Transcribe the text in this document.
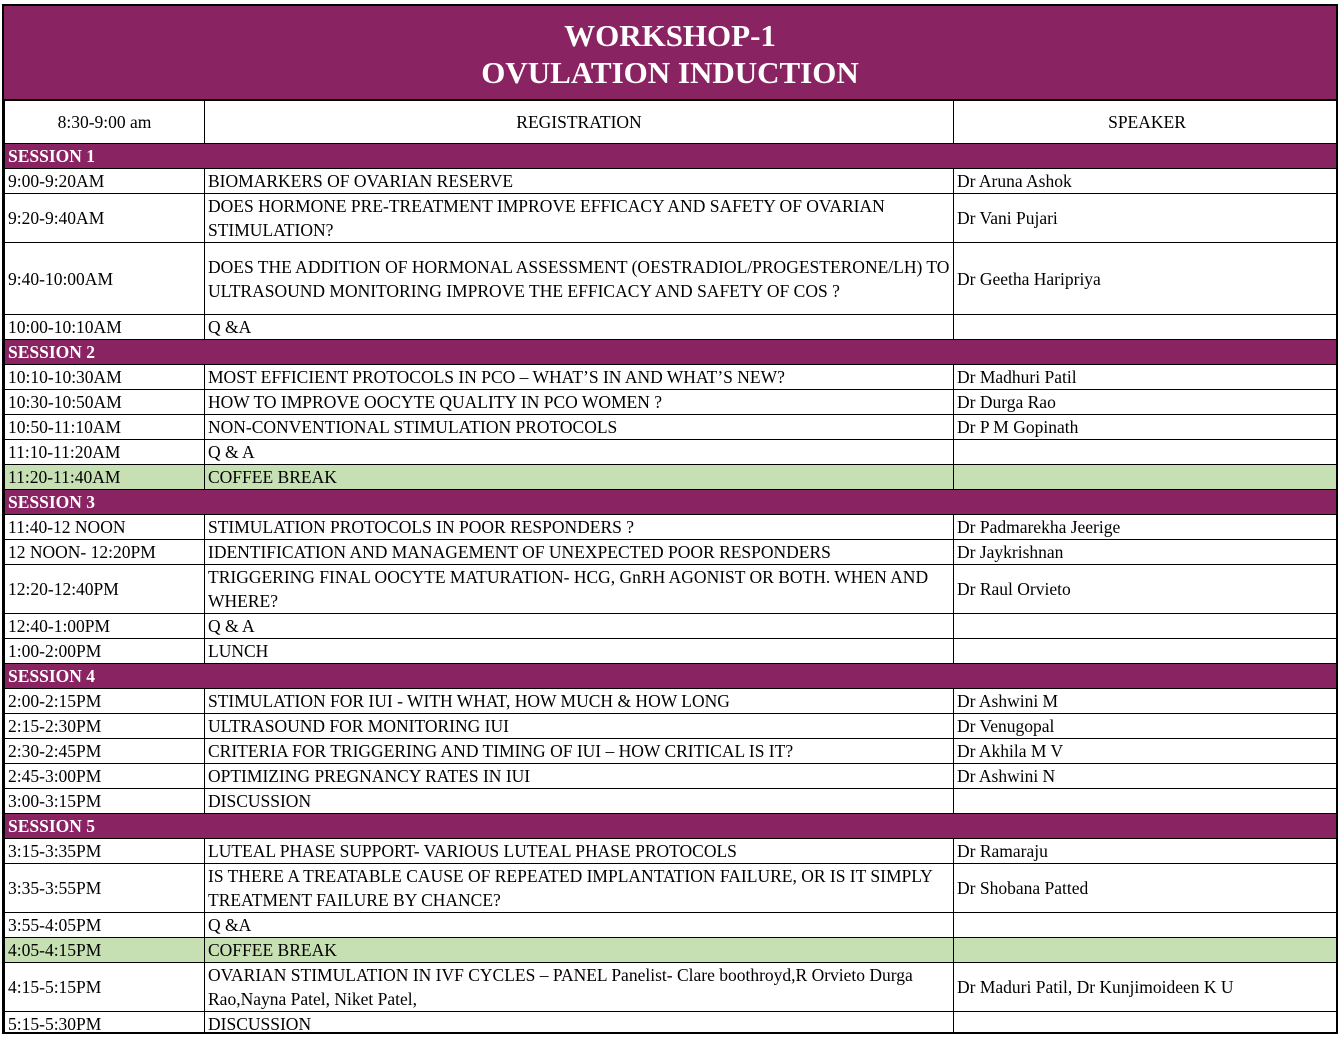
WORKSHOP-1
OVULATION INDUCTION
8:30-9:00 am	REGISTRATION	SPEAKER
SESSION 1		
9:00-9:20AM	BIOMARKERS OF OVARIAN RESERVE	Dr Aruna Ashok
9:20-9:40AM	DOES HORMONE PRE-TREATMENT IMPROVE EFFICACY AND SAFETY OF OVARIAN STIMULATION?	Dr Vani Pujari
9:40-10:00AM	DOES THE ADDITION OF HORMONAL ASSESSMENT (OESTRADIOL/PROGESTERONE/LH) TO ULTRASOUND MONITORING IMPROVE THE EFFICACY AND SAFETY OF COS ?	Dr Geetha Haripriya
10:00-10:10AM	Q &A	
SESSION 2		
10:10-10:30AM	MOST EFFICIENT PROTOCOLS IN PCO – WHAT’S IN AND WHAT’S NEW?	Dr Madhuri Patil
10:30-10:50AM	HOW TO IMPROVE OOCYTE QUALITY IN PCO WOMEN ?	Dr Durga Rao
10:50-11:10AM	NON-CONVENTIONAL STIMULATION PROTOCOLS	Dr P M Gopinath
11:10-11:20AM	Q & A	
11:20-11:40AM	COFFEE BREAK	
SESSION 3		
11:40-12 NOON	STIMULATION PROTOCOLS IN POOR RESPONDERS ?	Dr Padmarekha Jeerige
12 NOON- 12:20PM	IDENTIFICATION AND MANAGEMENT OF UNEXPECTED POOR RESPONDERS	Dr Jaykrishnan
12:20-12:40PM	TRIGGERING FINAL OOCYTE MATURATION- HCG, GnRH AGONIST OR BOTH. WHEN AND WHERE?	Dr Raul Orvieto
12:40-1:00PM	Q & A	
1:00-2:00PM	LUNCH	
SESSION 4		
2:00-2:15PM	STIMULATION FOR IUI - WITH WHAT, HOW MUCH & HOW LONG	Dr Ashwini M
2:15-2:30PM	ULTRASOUND FOR MONITORING IUI	Dr Venugopal
2:30-2:45PM	CRITERIA FOR TRIGGERING AND TIMING OF IUI – HOW CRITICAL IS IT?	Dr Akhila M V
2:45-3:00PM	OPTIMIZING PREGNANCY RATES IN IUI	Dr Ashwini N
3:00-3:15PM	DISCUSSION	
SESSION 5		
3:15-3:35PM	LUTEAL PHASE SUPPORT- VARIOUS LUTEAL PHASE PROTOCOLS	Dr Ramaraju
3:35-3:55PM	IS THERE A TREATABLE CAUSE OF REPEATED IMPLANTATION FAILURE, OR IS IT SIMPLY TREATMENT FAILURE BY CHANCE?	Dr Shobana Patted
3:55-4:05PM	Q &A	
4:05-4:15PM	COFFEE BREAK	
4:15-5:15PM	OVARIAN STIMULATION IN IVF CYCLES – PANEL Panelist- Clare boothroyd,R Orvieto Durga Rao,Nayna Patel, Niket Patel,	Dr Maduri Patil, Dr Kunjimoideen K U
5:15-5:30PM	DISCUSSION	
